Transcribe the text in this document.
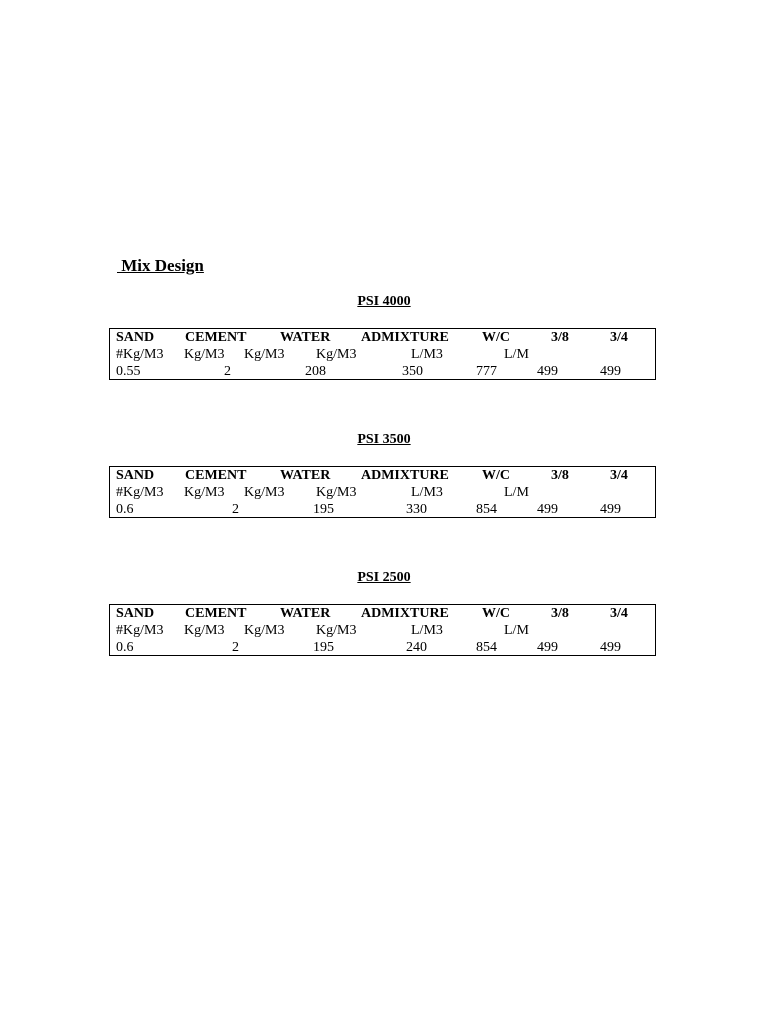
Mix Design
PSI 4000
SAND CEMENT WATER ADMIXTURE W/C	3/8	3/4
#Kg/M3 Kg/M3 Kg/M3 Kg/M3	L/M3	L/M
0.55	2	208	350	777	499	499
PSI 3500
SAND CEMENT WATER ADMIXTURE W/C	3/8	3/4
#Kg/M3 Kg/M3 Kg/M3 Kg/M3	L/M3	L/M
0.6	2	195	330	854	499	499
PSI 2500
SAND CEMENT WATER ADMIXTURE W/C	3/8	3/4
#Kg/M3 Kg/M3 Kg/M3 Kg/M3	L/M3	L/M
0.6	2	195	240	854	499	499
